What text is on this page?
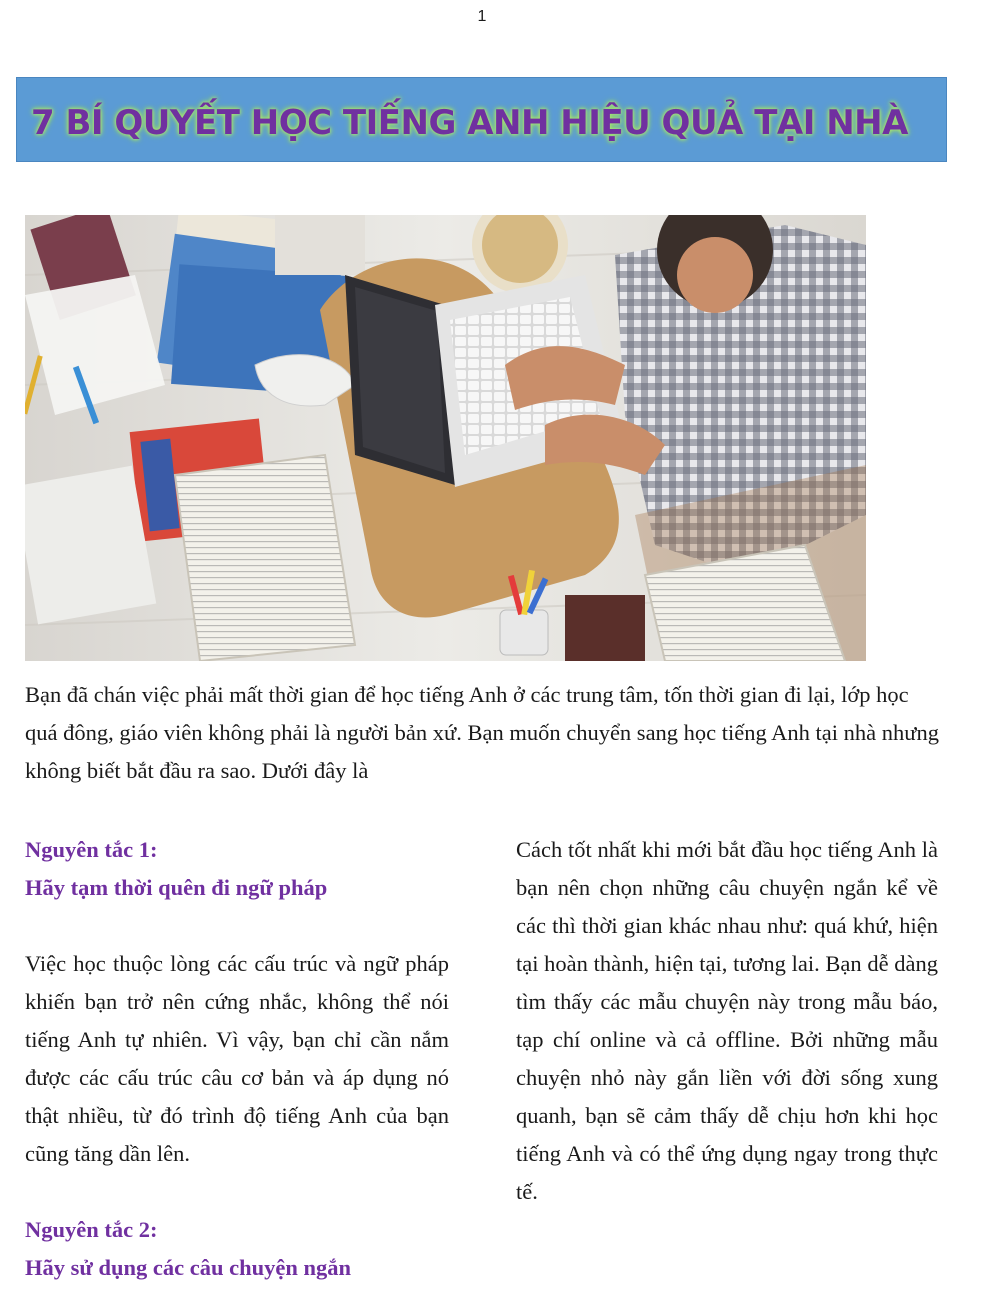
1
7 BÍ QUYẾT HỌC TIẾNG ANH HIỆU QUẢ TẠI NHÀ

Bạn đã chán việc phải mất thời gian để học tiếng Anh ở các trung tâm, tốn thời gian đi lại, lớp học quá đông, giáo viên không phải là người bản xứ. Bạn muốn chuyển sang học tiếng Anh tại nhà nhưng không biết bắt đầu ra sao. Dưới đây là

Nguyên tắc 1:

Hãy tạm thời quên đi ngữ pháp

Việc học thuộc lòng các cấu trúc và ngữ pháp khiến bạn trở nên cứng nhắc, không thể nói tiếng Anh tự nhiên. Vì vậy, bạn chỉ cần nắm được các cấu trúc câu cơ bản và áp dụng nó thật nhiều, từ đó trình độ tiếng Anh của bạn cũng tăng dần lên.

Nguyên tắc 2:

Hãy sử dụng các câu chuyện ngắn

Cách tốt nhất khi mới bắt đầu học tiếng Anh là bạn nên chọn những câu chuyện ngắn kể về các thì thời gian khác nhau như: quá khứ, hiện tại hoàn thành, hiện tại, tương lai. Bạn dễ dàng tìm thấy các mẫu chuyện này trong mẫu báo, tạp chí online và cả offline. Bởi những mẫu chuyện nhỏ này gắn liền với đời sống xung quanh, bạn sẽ cảm thấy dễ chịu hơn khi học tiếng Anh và có thể ứng dụng ngay trong thực tế.
